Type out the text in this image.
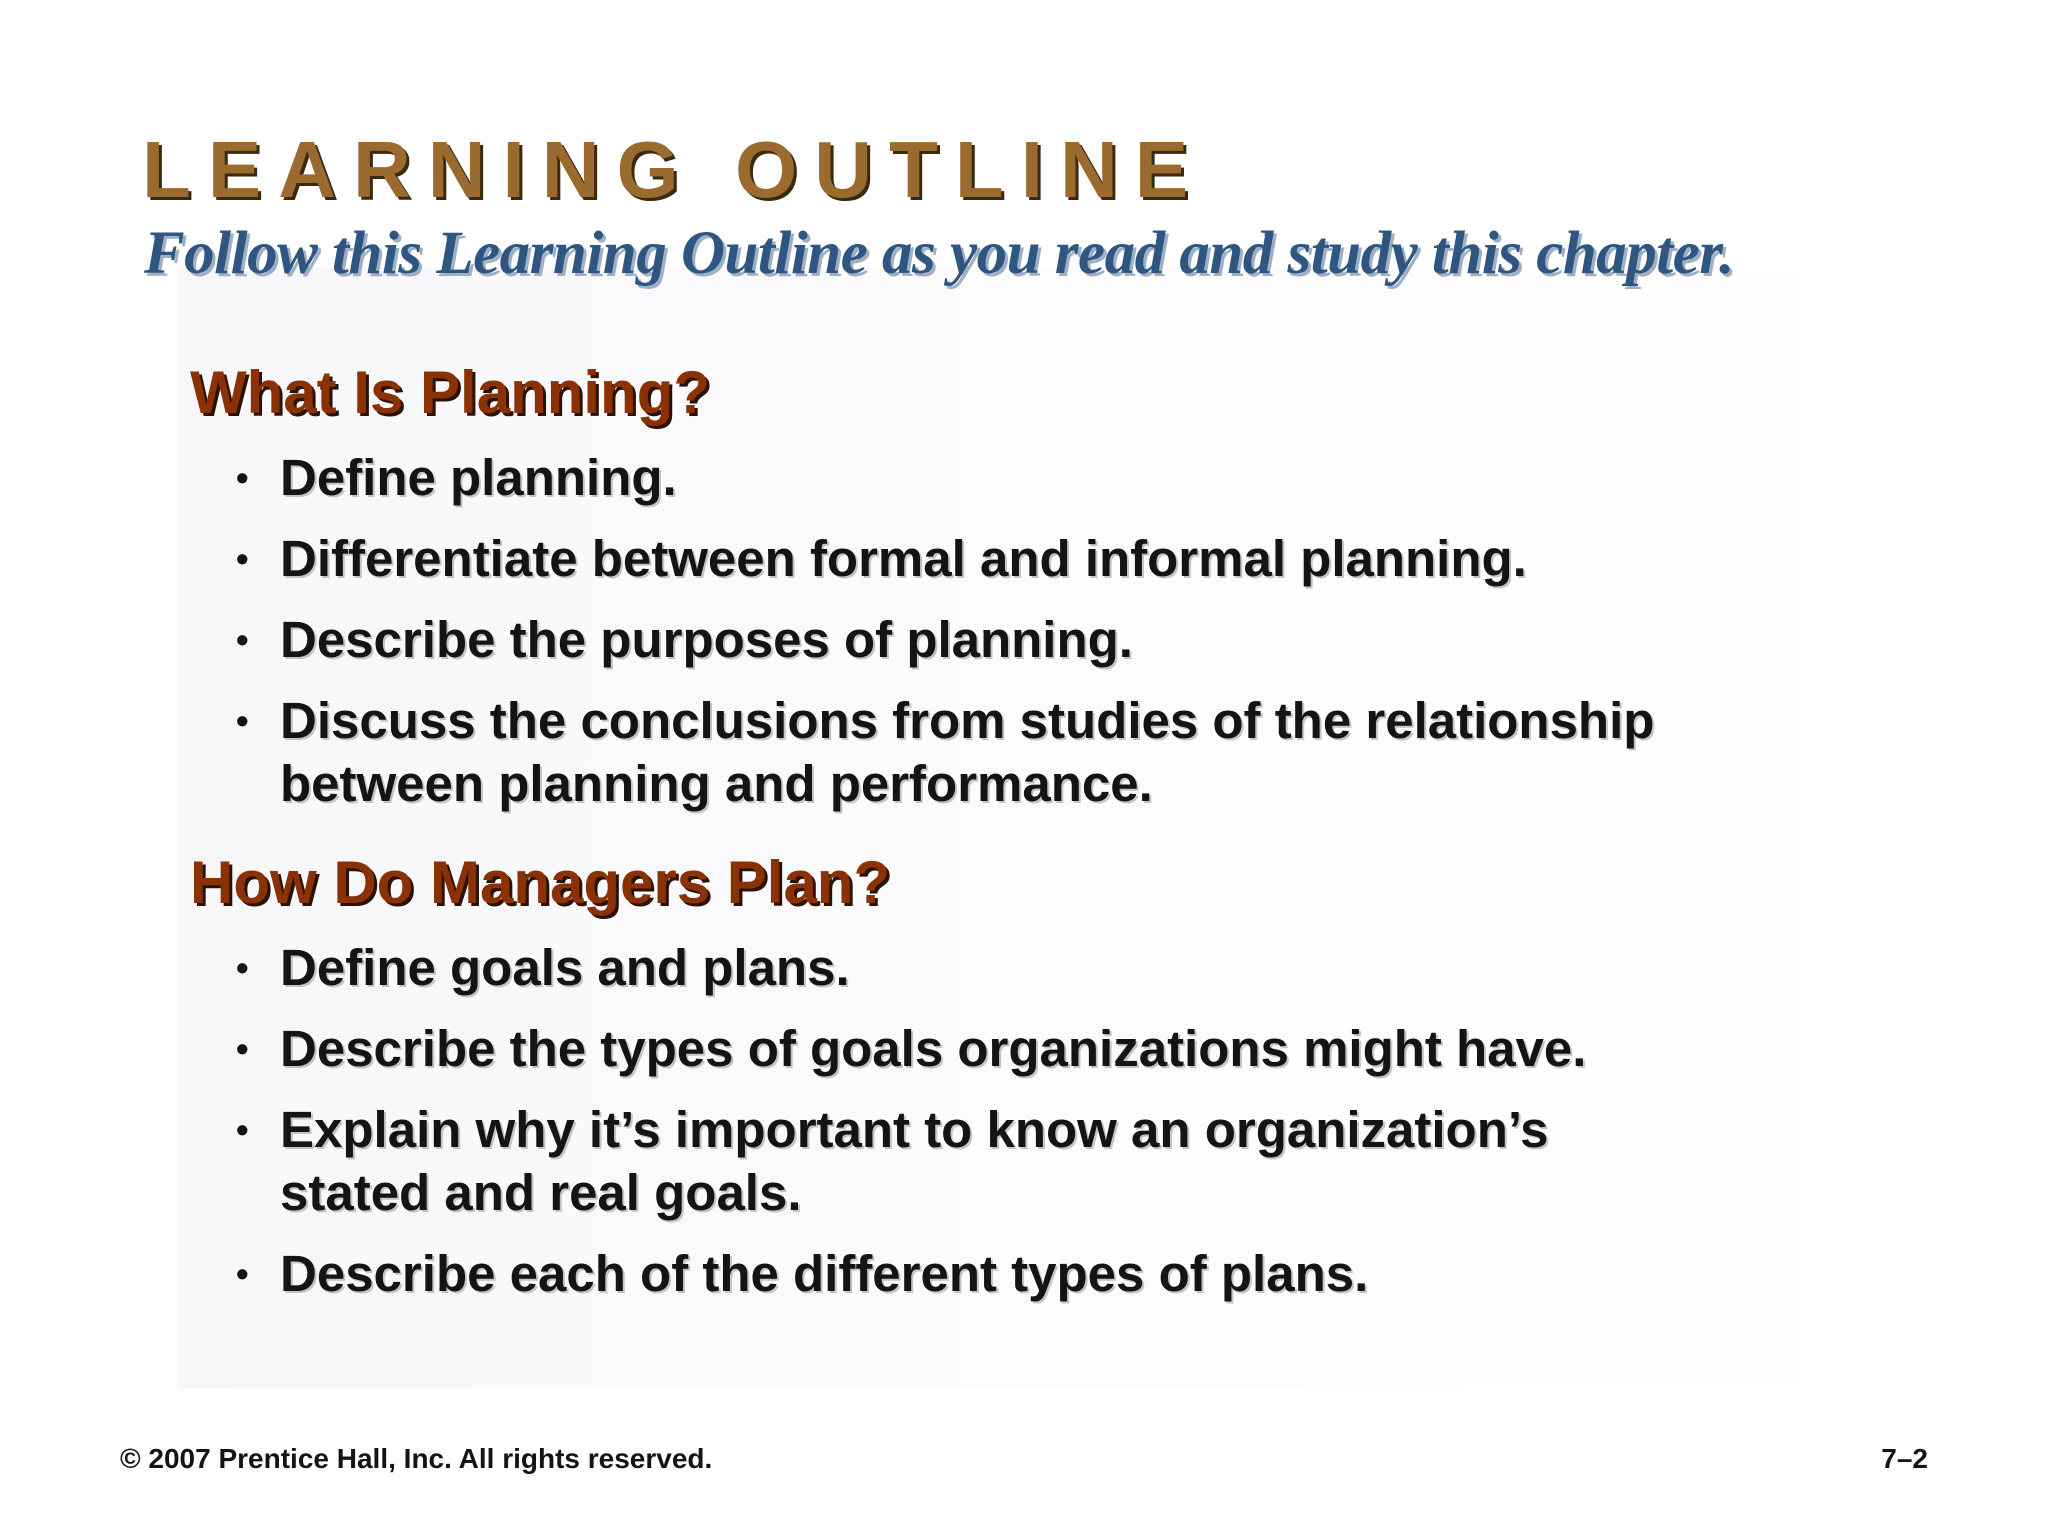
LEARNING OUTLINE
Follow this Learning Outline as you read and study this chapter.
What Is Planning?
• Define planning.
• Differentiate between formal and informal planning.
• Describe the purposes of planning.
• Discuss the conclusions from studies of the relationship
between planning and performance.
How Do Managers Plan?
• Define goals and plans.
• Describe the types of goals organizations might have.
• Explain why it’s important to know an organization’s
stated and real goals.
• Describe each of the different types of plans.
© 2007 Prentice Hall, Inc. All rights reserved.	7–2
